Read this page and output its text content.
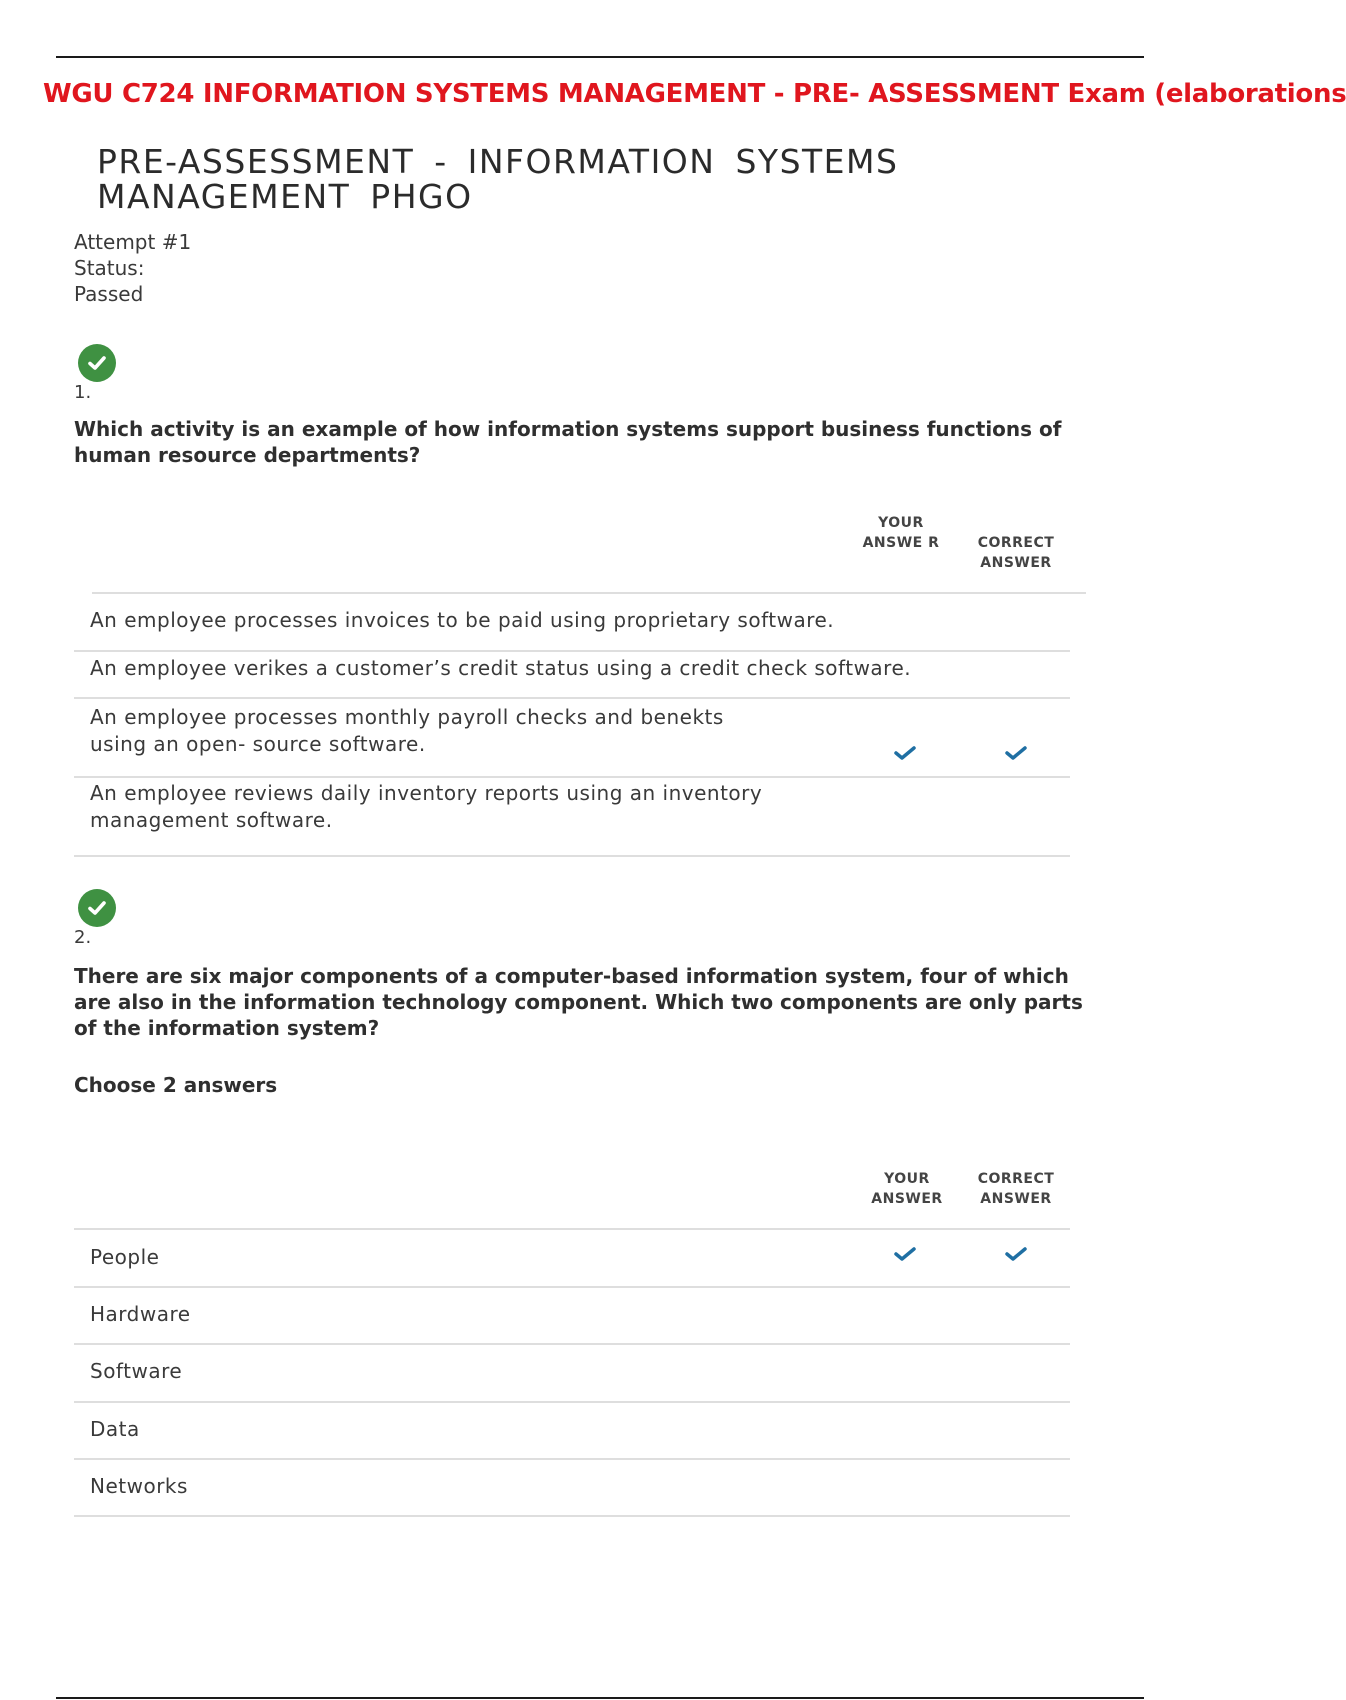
WGU C724 INFORMATION SYSTEMS MANAGEMENT - PRE- ASSESSMENT Exam (elaborations
PRE-ASSESSMENT - INFORMATION SYSTEMS MANAGEMENT PHGO
Attempt #1
Status:
Passed
1.
Which activity is an example of how information systems support business functions of human resource departments?
YOUR ANSWE R	CORRECT ANSWER
An employee processes invoices to be paid using proprietary software.
An employee verikes a customer’s credit status using a credit check software.
An employee processes monthly payroll checks and benekts using an open- source software.
An employee reviews daily inventory reports using an inventory management software.
2.
There are six major components of a computer-based information system, four of which are also in the information technology component. Which two components are only parts of the information system?
Choose 2 answers
YOUR ANSWER
CORRECT ANSWER
People
Hardware
Software
Data
Networks
